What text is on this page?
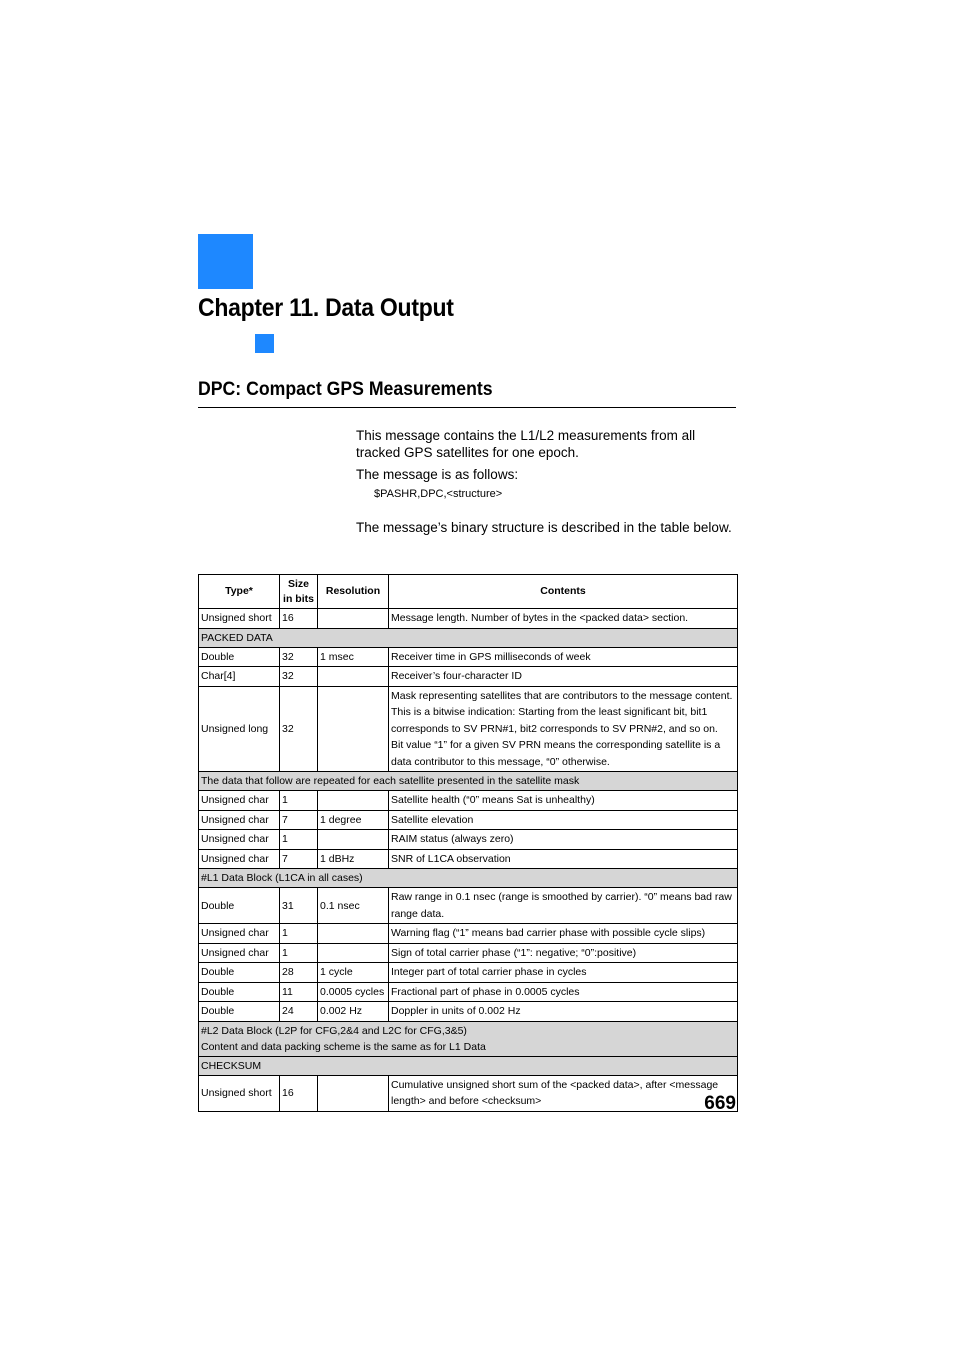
Chapter 11. Data Output
DPC: Compact GPS Measurements

This message contains the L1/L2 measurements from all tracked GPS satellites for one epoch.

The message is as follows:

$PASHR,DPC,<structure>

The message’s binary structure is described in the table below.

Type*	Size in bits	Resolution	Contents
Unsigned short	16		Message length. Number of bytes in the <packed data> section.
PACKED DATA			
Double	32	1 msec	Receiver time in GPS milliseconds of week
Char[4]	32		Receiver’s four-character ID
Unsigned long	32		Mask representing satellites that are contributors to the message content. This is a bitwise indication: Starting from the least significant bit, bit1 corresponds to SV PRN#1, bit2 corresponds to SV PRN#2, and so on.
Bit value “1” for a given SV PRN means the corresponding satellite is a data contributor to this message, “0” otherwise.

The data that follow are repeated for each satellite presented in the satellite mask			
Unsigned char	1		Satellite health (“0” means Sat is unhealthy)
Unsigned char	7	1 degree	Satellite elevation
Unsigned char	1		RAIM status (always zero)
Unsigned char	7	1 dBHz	SNR of L1CA observation
#L1 Data Block (L1CA in all cases)			
Double	31	0.1 nsec	Raw range in 0.1 nsec (range is smoothed by carrier). “0” means bad raw range data.
Unsigned char	1		Warning flag (“1” means bad carrier phase with possible cycle slips)
Unsigned char	1		Sign of total carrier phase (“1”: negative; “0”:positive)
Double	28	1 cycle	Integer part of total carrier phase in cycles
Double	11	0.0005 cycles	Fractional part of phase in 0.0005 cycles
Double	24	0.002 Hz	Doppler in units of 0.002 Hz

#L2 Data Block (L2P for CFG,2&4 and L2C for CFG,3&5)
Content and data packing scheme is the same as for L1 Data			

CHECKSUM			
Unsigned short	16		Cumulative unsigned short sum of the <packed data>, after <message length> and before <checksum>	669
